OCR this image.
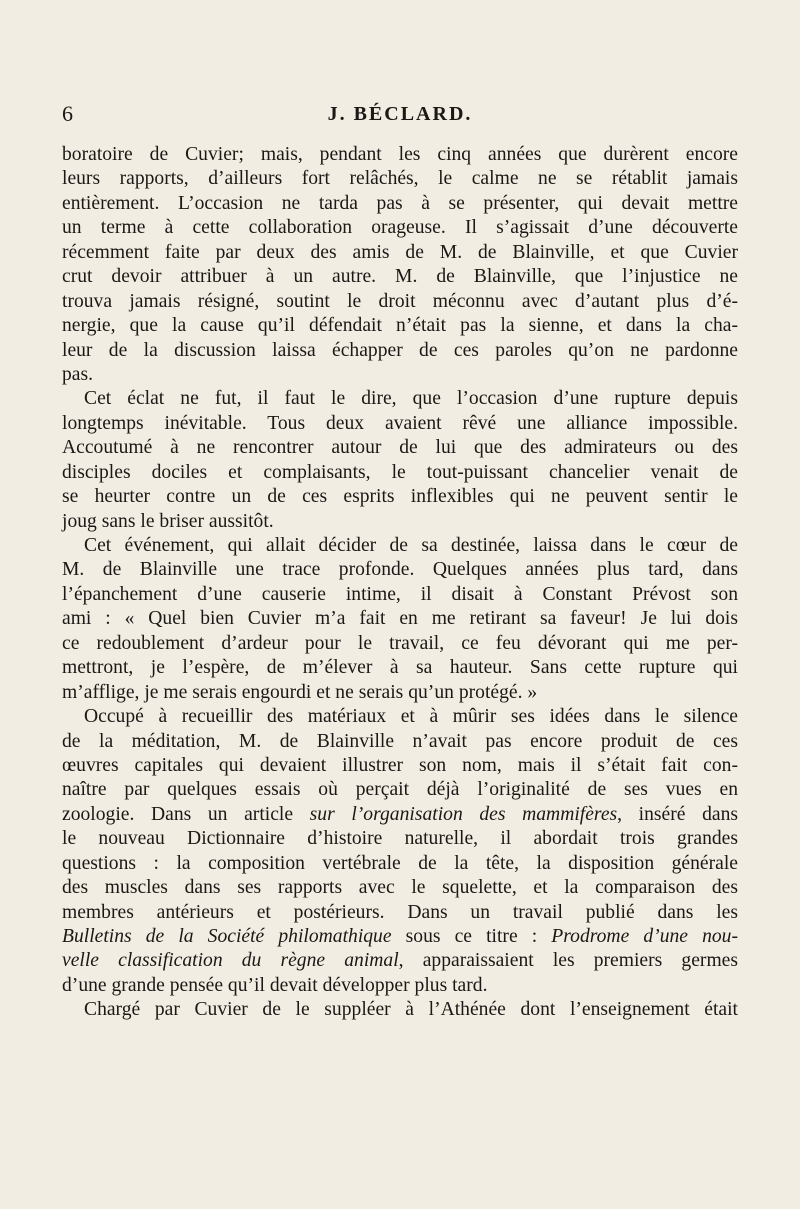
6	J. BÉCLARD.
boratoire de Cuvier; mais, pendant les cinq années que durèrent encore
leurs rapports, d’ailleurs fort relâchés, le calme ne se rétablit jamais
entièrement. L’occasion ne tarda pas à se présenter, qui devait mettre
un terme à cette collaboration orageuse. Il s’agissait d’une découverte
récemment faite par deux des amis de M. de Blainville, et que Cuvier
crut devoir attribuer à un autre. M. de Blainville, que l’injustice ne
trouva jamais résigné, soutint le droit méconnu avec d’autant plus d’é-
nergie, que la cause qu’il défendait n’était pas la sienne, et dans la cha-
leur de la discussion laissa échapper de ces paroles qu’on ne pardonne
pas.
Cet éclat ne fut, il faut le dire, que l’occasion d’une rupture depuis
longtemps inévitable. Tous deux avaient rêvé une alliance impossible.
Accoutumé à ne rencontrer autour de lui que des admirateurs ou des
disciples dociles et complaisants, le tout-puissant chancelier venait de
se heurter contre un de ces esprits inflexibles qui ne peuvent sentir le
joug sans le briser aussitôt.
Cet événement, qui allait décider de sa destinée, laissa dans le cœur de
M. de Blainville une trace profonde. Quelques années plus tard, dans
l’épanchement d’une causerie intime, il disait à Constant Prévost son
ami : « Quel bien Cuvier m’a fait en me retirant sa faveur! Je lui dois
ce redoublement d’ardeur pour le travail, ce feu dévorant qui me per-
mettront, je l’espère, de m’élever à sa hauteur. Sans cette rupture qui
m’afflige, je me serais engourdi et ne serais qu’un protégé. »
Occupé à recueillir des matériaux et à mûrir ses idées dans le silence
de la méditation, M. de Blainville n’avait pas encore produit de ces
œuvres capitales qui devaient illustrer son nom, mais il s’était fait con-
naître par quelques essais où perçait déjà l’originalité de ses vues en
zoologie. Dans un article sur l’organisation des mammifères, inséré dans
le nouveau Dictionnaire d’histoire naturelle, il abordait trois grandes
questions : la composition vertébrale de la tête, la disposition générale
des muscles dans ses rapports avec le squelette, et la comparaison des
membres antérieurs et postérieurs. Dans un travail publié dans les
Bulletins de la Société philomathique sous ce titre : Prodrome d’une nou-
velle classification du règne animal, apparaissaient les premiers germes
d’une grande pensée qu’il devait développer plus tard.
Chargé par Cuvier de le suppléer à l’Athénée dont l’enseignement était
